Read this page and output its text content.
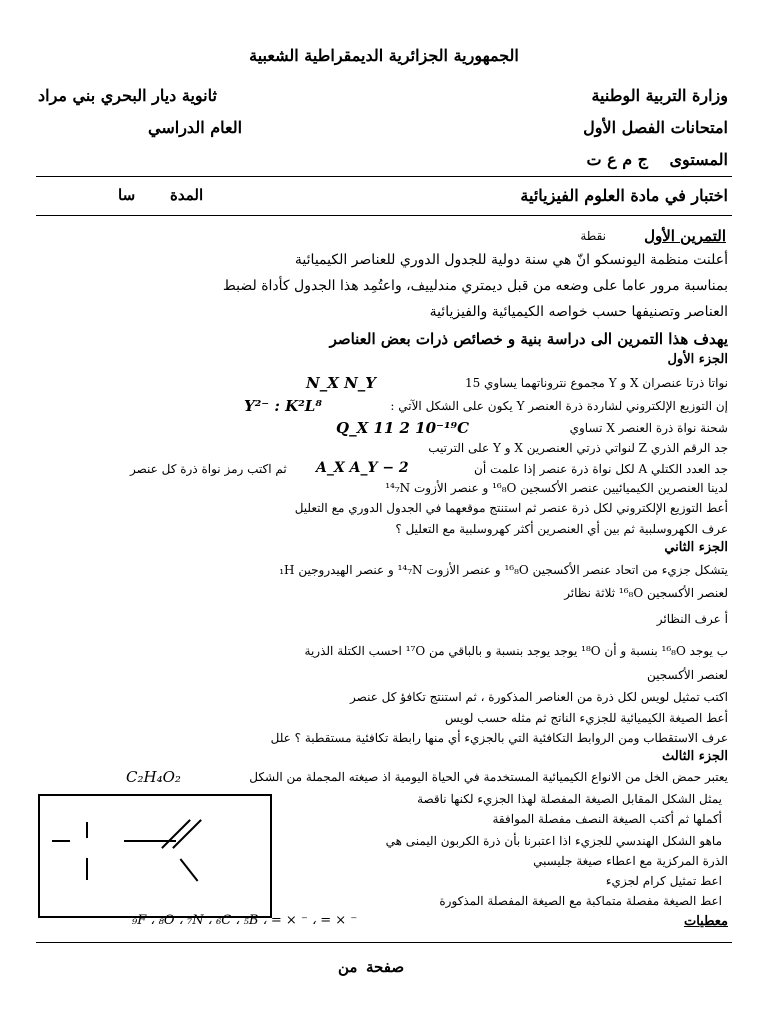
الجمهورية الجزائرية الديمقراطية الشعبية
وزارة التربية الوطنية
ثانوية ديار البحري بني مراد
امتحانات الفصل الأول
العام الدراسي
المستوى
ج م ع ت
اختبار في مادة العلوم الفيزيائية
المدة
سا
التمرين الأول
نقطة
أعلنت منظمة اليونسكو انّ هي سنة دولية للجدول الدوري للعناصر الكيميائية
بمناسبة مرور عاما على وضعه من قبل ديمتري مندلييف، واعتُمِد هذا الجدول كأداة لضبط
العناصر وتصنيفها حسب خواصه الكيميائية والفيزيائية
يهدف هذا التمرين الى دراسة بنية و خصائص ذرات بعض العناصر
الجزء الأول
نواتا ذرتا عنصران X و Y مجموع نتروناتهما يساوي 15
N_X N_Y
إن التوزيع الإلكتروني لشاردة ذرة العنصر Y يكون على الشكل الآتي :
Y²⁻ : K²L⁸
شحنة نواة ذرة العنصر X تساوي
Q_X 11 2 10⁻¹⁹C
جد الرقم الذري Z لنواتي ذرتي العنصرين X و Y على الترتيب
جد العدد الكتلي A لكل نواة ذرة عنصر إذا علمت أن
A_X A_Y − 2
ثم اكتب رمز نواة ذرة كل عنصر
لدينا العنصرين الكيميائيين عنصر الأكسجين ¹⁶₈O و عنصر الأزوت ¹⁴₇N
أعط التوزيع الإلكتروني لكل ذرة عنصر ثم استنتج موقعهما في الجدول الدوري مع التعليل
عرف الكهروسلبية ثم بين أي العنصرين أكثر كهروسلبية مع التعليل ؟
الجزء الثاني
يتشكل جزيء من اتحاد عنصر الأكسجين ¹⁶₈O و عنصر الأزوت ¹⁴₇N و عنصر الهيدروجين ₁H
لعنصر الأكسجين ¹⁶₈O ثلاثة نظائر
أ عرف النظائر
ب يوجد ¹⁶₈O بنسبة و أن ¹⁸O يوجد يوجد بنسبة و بالباقي من ¹⁷O احسب الكتلة الذرية
لعنصر الأكسجين
اكتب تمثيل لويس لكل ذرة من العناصر المذكورة ، ثم استنتج تكافؤ كل عنصر
أعط الصيغة الكيميائية للجزيء الناتج ثم مثله حسب لويس
عرف الاستقطاب ومن الروابط التكافئية التي بالجزيء أي منها رابطة تكافئية مستقطبة ؟ علل
الجزء الثالث
يعتبر حمض الخل من الانواع الكيميائية المستخدمة في الحياة اليومية اذ صيغته المجملة من الشكل
C₂H₄O₂
يمثل الشكل المقابل الصيغة المفصلة لهذا الجزيء لكنها ناقصة
أكملها ثم أكتب الصيغة النصف مفصلة الموافقة
ماهو الشكل الهندسي للجزيء اذا اعتبرنا بأن ذرة الكربون اليمنى هي
الذرة المركزية مع اعطاء صيغة جليسبي
اعط تمثيل كرام لجزيء
اعط الصيغة مفصلة متماكبة مع الصيغة المفصلة المذكورة
معطيات
₉F ، ₈O ، ₇N ، ₆C ، ₅B ، = × ⁻ ، = × ⁻
صفحة
من
